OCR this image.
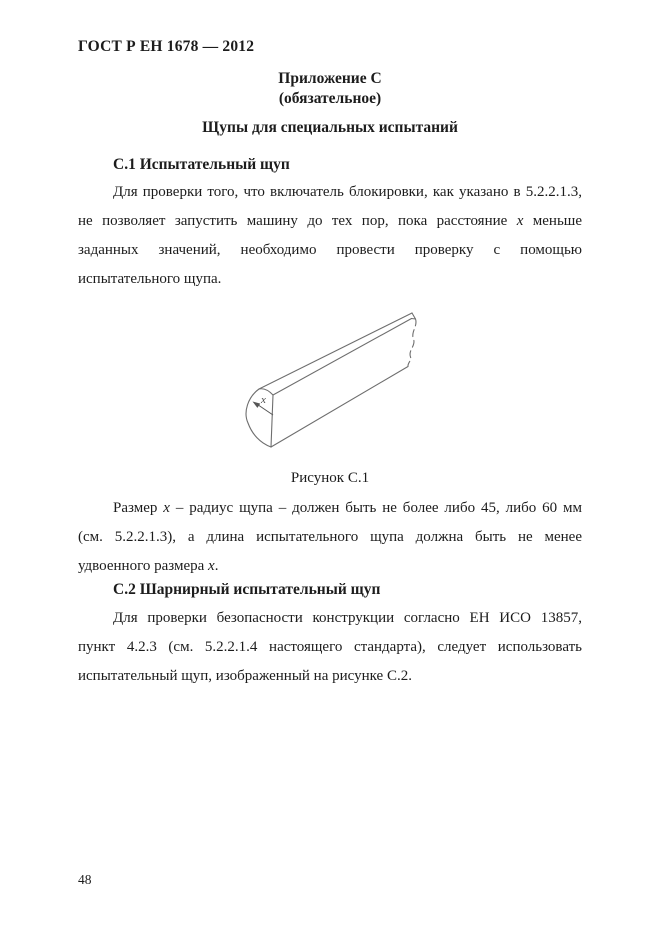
ГОСТ Р ЕН 1678 — 2012
Приложение С
(обязательное)
Щупы для специальных испытаний
С.1 Испытательный щуп
Для проверки того, что включатель блокировки, как указано в 5.2.2.1.3,
не позволяет запустить машину до тех пор, пока расстояние x меньше
заданных значений, необходимо провести проверку с помощью
испытательного щупа.
x
Рисунок С.1
Размер x – радиус щупа – должен быть не более либо 45, либо 60 мм
(см. 5.2.2.1.3), а длина испытательного щупа должна быть не менее
удвоенного размера x.
С.2 Шарнирный испытательный щуп
Для проверки безопасности конструкции согласно ЕН ИСО 13857,
пункт 4.2.3 (см. 5.2.2.1.4 настоящего стандарта), следует использовать
испытательный щуп, изображенный на рисунке С.2.
48
